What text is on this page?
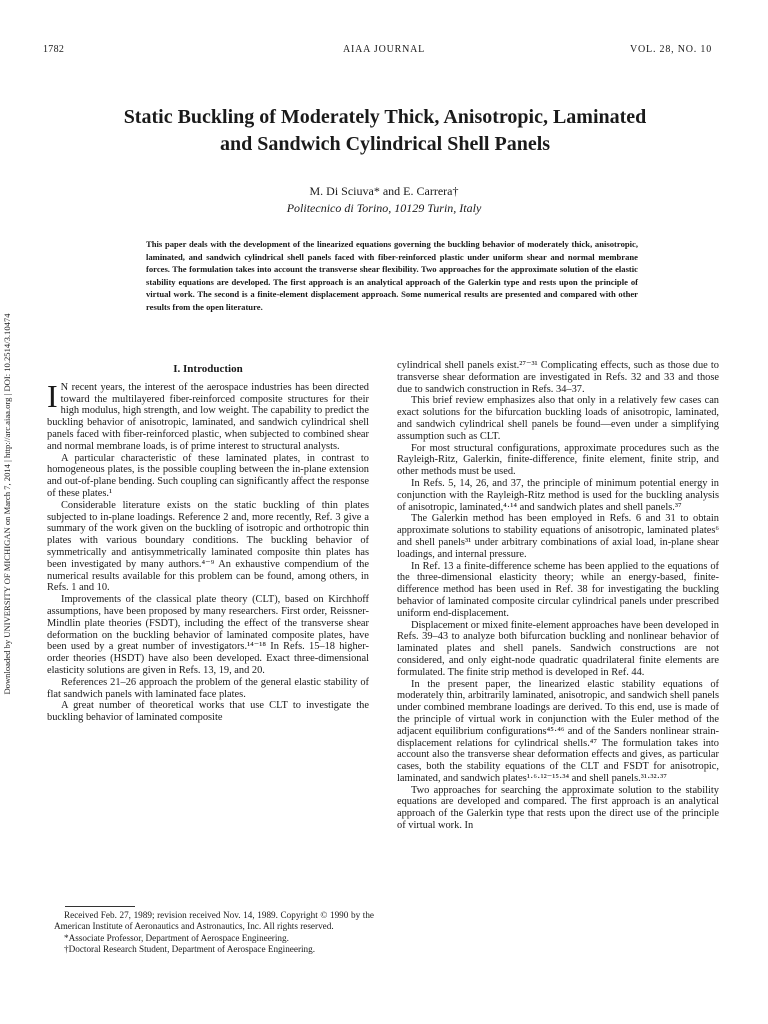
1782	AIAA JOURNAL	VOL. 28, NO. 10
Downloaded by UNIVERSITY OF MICHIGAN on March 7, 2014 | http://arc.aiaa.org | DOI: 10.2514/3.10474
Static Buckling of Moderately Thick, Anisotropic, Laminated
and Sandwich Cylindrical Shell Panels
M. Di Sciuva* and E. Carrera†
Politecnico di Torino, 10129 Turin, Italy

This paper deals with the development of the linearized equations governing the buckling behavior of moderately thick, anisotropic, laminated, and sandwich cylindrical shell panels faced with fiber-reinforced plastic under uniform shear and normal membrane forces. The formulation takes into account the transverse shear flexibility. Two approaches for the approximate solution of the elastic stability equations are developed. The first approach is an analytical approach of the Galerkin type and rests upon the principle of virtual work. The second is a finite-element displacement approach. Some numerical results are presented and compared with other results from the open literature.

I. Introduction

I N recent years, the interest of the aerospace industries has been directed toward the multilayered fiber-reinforced composite structures for their high modulus, high strength, and low weight. The capability to predict the buckling behavior of anisotropic, laminated, and sandwich cylindrical shell panels faced with fiber-reinforced plastic, when subjected to combined shear and normal membrane loads, is of prime interest to structural analysts.

A particular characteristic of these laminated plates, in contrast to homogeneous plates, is the possible coupling between the in-plane extension and out-of-plane bending. Such coupling can significantly affect the response of these plates.¹

Considerable literature exists on the static buckling of thin plates subjected to in-plane loadings. Reference 2 and, more recently, Ref. 3 give a summary of the work given on the buckling of isotropic and orthotropic thin plates with various boundary conditions. The buckling behavior of symmetrically and antisymmetrically laminated composite thin plates has been investigated by many authors.⁴⁻⁹ An exhaustive compendium of the numerical results available for this problem can be found, among others, in Refs. 1 and 10.

Improvements of the classical plate theory (CLT), based on Kirchhoff assumptions, have been proposed by many researchers. First order, Reissner-Mindlin plate theories (FSDT), including the effect of the transverse shear deformation on the buckling behavior of laminated composite plates, have been used by a great number of investigators.¹⁴⁻¹⁸ In Refs. 15–18 higher-order theories (HSDT) have also been developed. Exact three-dimensional elasticity solutions are given in Refs. 13, 19, and 20.

References 21–26 approach the problem of the general elastic stability of flat sandwich panels with laminated face plates.

A great number of theoretical works that use CLT to investigate the buckling behavior of laminated composite

cylindrical shell panels exist.²⁷⁻³¹ Complicating effects, such as those due to transverse shear deformation are investigated in Refs. 32 and 33 and those due to sandwich construction in Refs. 34–37.

This brief review emphasizes also that only in a relatively few cases can exact solutions for the bifurcation buckling loads of anisotropic, laminated, and sandwich cylindrical shell panels be found—even under a simplifying assumption such as CLT.

For most structural configurations, approximate procedures such as the Rayleigh-Ritz, Galerkin, finite-difference, finite element, finite strip, and other methods must be used.

In Refs. 5, 14, 26, and 37, the principle of minimum potential energy in conjunction with the Rayleigh-Ritz method is used for the buckling analysis of anisotropic, laminated,⁴·¹⁴ and sandwich plates and shell panels.³⁷

The Galerkin method has been employed in Refs. 6 and 31 to obtain approximate solutions to stability equations of anisotropic, laminated plates⁶ and shell panels³¹ under arbitrary combinations of axial load, in-plane shear loadings, and internal pressure.

In Ref. 13 a finite-difference scheme has been applied to the equations of the three-dimensional elasticity theory; while an energy-based, finite-difference method has been used in Ref. 38 for investigating the buckling behavior of laminated composite circular cylindrical panels under prescribed uniform end-displacement.

Displacement or mixed finite-element approaches have been developed in Refs. 39–43 to analyze both bifurcation buckling and nonlinear behavior of laminated plates and shell panels. Sandwich constructions are not considered, and only eight-node quadratic quadrilateral finite elements are formulated. The finite strip method is developed in Ref. 44.

In the present paper, the linearized elastic stability equations of moderately thin, arbitrarily laminated, anisotropic, and sandwich shell panels under combined membrane loadings are derived. To this end, use is made of the principle of virtual work in conjunction with the Euler method of the adjacent equilibrium configurations⁴⁵·⁴⁶ and of the Sanders nonlinear strain-displacement relations for cylindrical shells.⁴⁷ The formulation takes into account also the transverse shear deformation effects and gives, as particular cases, both the stability equations of the CLT and FSDT for anisotropic, laminated, and sandwich plates¹·⁶·¹²⁻¹⁵·³⁴ and shell panels.³¹·³²·³⁷

Two approaches for searching the approximate solution to the stability equations are developed and compared. The first approach is an analytical approach of the Galerkin type that rests upon the direct use of the principle of virtual work. In

Received Feb. 27, 1989; revision received Nov. 14, 1989. Copyright © 1990 by the American Institute of Aeronautics and Astronautics, Inc. All rights reserved.

*Associate Professor, Department of Aerospace Engineering.

†Doctoral Research Student, Department of Aerospace Engineering.
